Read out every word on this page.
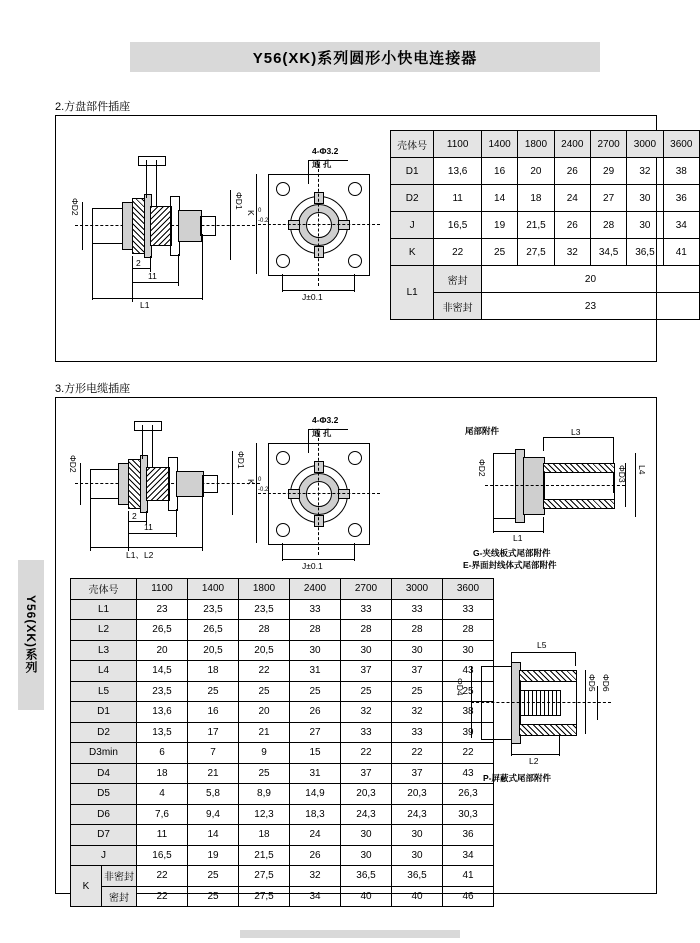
Y56(XK)系列圆形小快电连接器
Y56(XK)系列
2.方盘部件插座
ΦD2	ΦD1
2
11
L1
4-Φ3.2
通 孔
K 0
-0.2
J±0.1
壳体号	1100	1400	1800	2400	2700	3000	3600
D1	13,6	16	20	26	29	32	38
D2	11	14	18	24	27	30	36
J	16,5	19	21,5	26	28	30	34
K	22	25	27,5	32	34,5	36,5	41
L1	密封	20					
	非密封	23					
3.方形电缆插座
ΦD2	ΦD1
2
11
L1、L2
4-Φ3.2
通 孔
K 0
-0.2
J±0.1
尾部附件	L3
ΦD2	ΦD3 L4
L1
G-夹线板式尾部附件
E-界面封线体式尾部附件
L5
ΦD4	ΦD5 ΦD6
L2
P-屏蔽式尾部附件
壳体号		1100	1400	1800	2400	2700	3000	3600
L1		23	23,5	23,5	33	33	33	33
L2		26,5	26,5	28	28	28	28	28
L3		20	20,5	20,5	30	30	30	30
L4		14,5	18	22	31	37	37	43
L5		23,5	25	25	25	25	25	25
D1		13,6	16	20	26	32	32	38
D2		13,5	17	21	27	33	33	39
D3min		6	7	9	15	22	22	22
D4		18	21	25	31	37	37	43
D5		4	5,8	8,9	14,9	20,3	20,3	26,3
D6		7,6	9,4	12,3	18,3	24,3	24,3	30,3
D7		11	14	18	24	30	30	36
J		16,5	19	21,5	26	30	30	34
K	非密封	22	25	27,5	32	36,5	36,5	41
	密封	22	25	27,5	34	40	40	46
